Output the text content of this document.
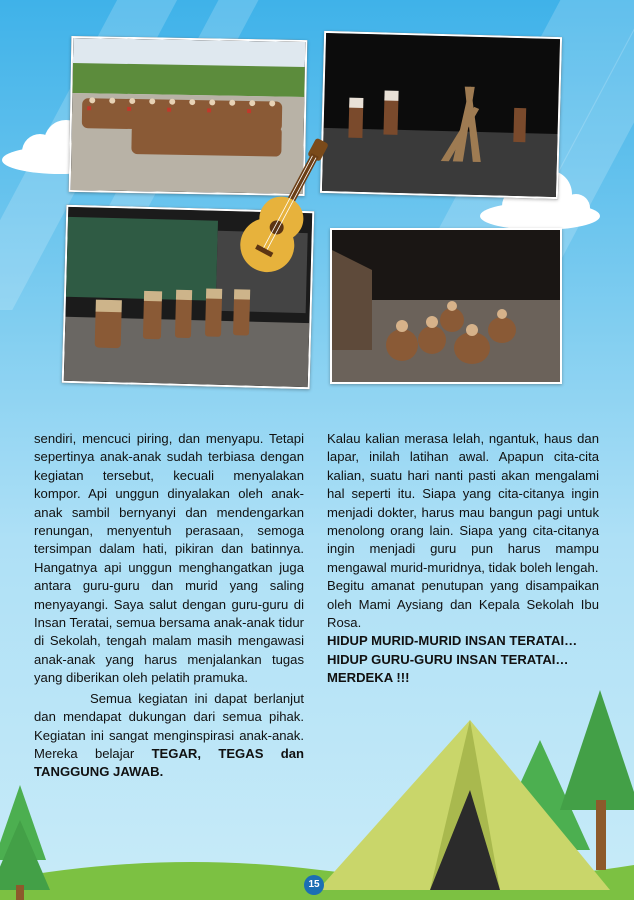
sendiri, mencuci piring, dan menyapu. Tetapi sepertinya anak-anak sudah terbiasa dengan kegiatan tersebut, kecuali menyalakan kompor. Api unggun dinyalakan oleh anak-anak sambil bernyanyi dan mendengarkan renungan, menyentuh perasaan, semoga tersimpan dalam hati, pikiran dan batinnya. Hangatnya api unggun menghangatkan juga antara guru-guru dan murid yang saling menyayangi. Saya salut dengan guru-guru di Insan Teratai, semua bersama anak-anak tidur di Sekolah, tengah malam masih mengawasi anak-anak yang harus menjalankan tugas yang diberikan oleh pelatih pramuka.

Semua kegiatan ini dapat berlanjut dan mendapat dukungan dari semua pihak. Kegiatan ini sangat menginspirasi anak-anak. Mereka belajar TEGAR, TEGAS dan TANGGUNG JAWAB.

Kalau kalian merasa lelah, ngantuk, haus dan lapar, inilah latihan awal. Apapun cita-cita kalian, suatu hari nanti pasti akan mengalami hal seperti itu. Siapa yang cita-citanya ingin menjadi dokter, harus mau bangun pagi untuk menolong orang lain. Siapa yang cita-citanya ingin menjadi guru pun harus mampu mengawal murid-muridnya, tidak boleh lengah.

Begitu amanat penutupan yang disampaikan oleh Mami Aysiang dan Kepala Sekolah Ibu Rosa.

HIDUP MURID-MURID INSAN TERATAI…

HIDUP GURU-GURU INSAN TERATAI…

MERDEKA !!!

15
